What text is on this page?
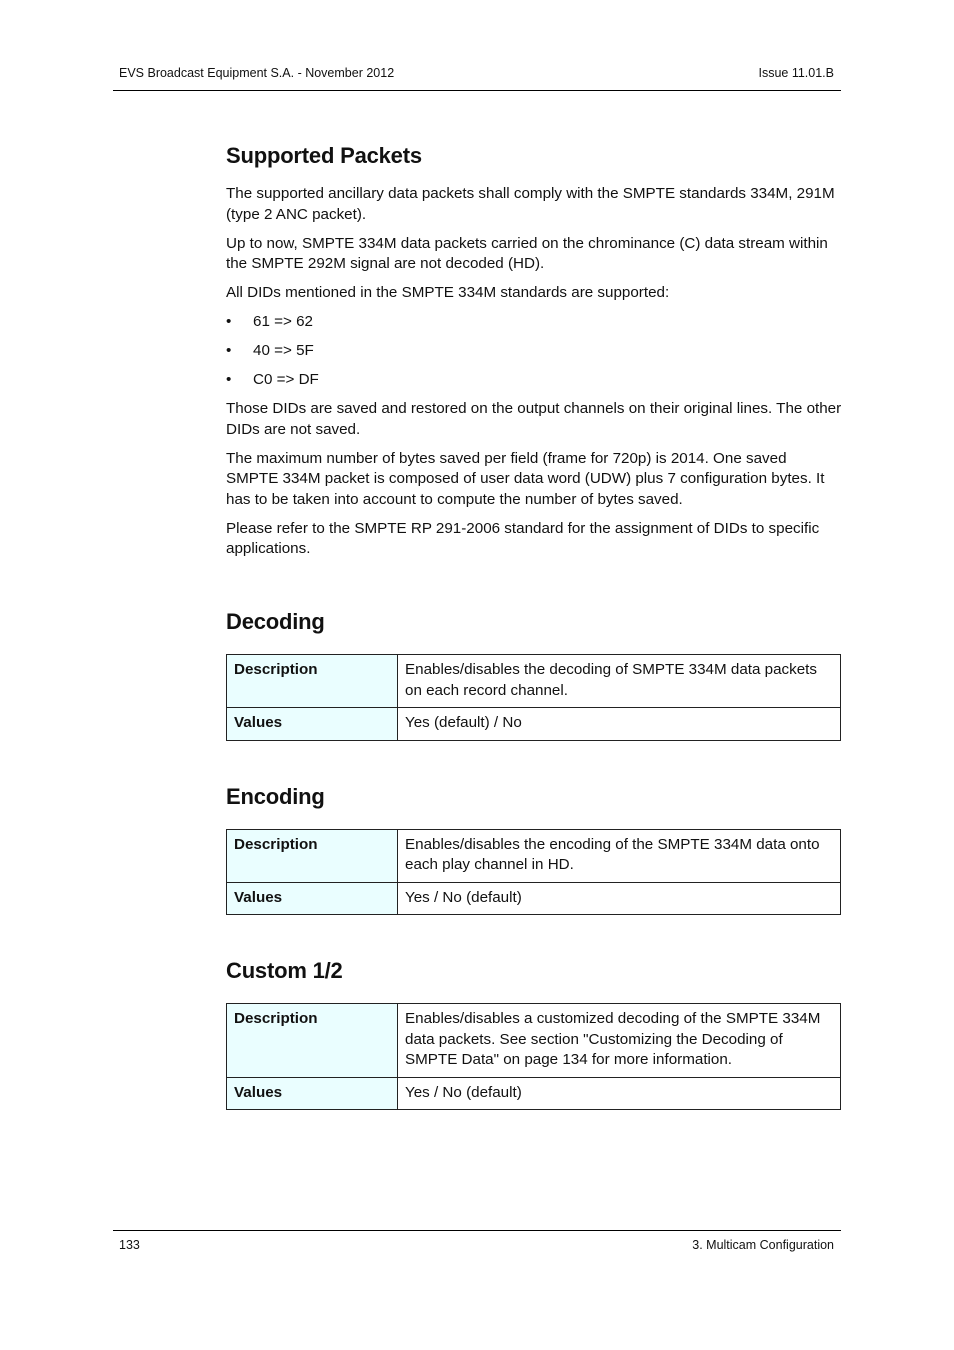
EVS Broadcast Equipment S.A. - November 2012	Issue 11.01.B
Supported Packets

The supported ancillary data packets shall comply with the SMPTE standards 334M, 291M (type 2 ANC packet).

Up to now, SMPTE 334M data packets carried on the chrominance (C) data stream within the SMPTE 292M signal are not decoded (HD).

All DIDs mentioned in the SMPTE 334M standards are supported:

• 61 => 62
• 40 => 5F
• C0 => DF

Those DIDs are saved and restored on the output channels on their original lines. The other DIDs are not saved.

The maximum number of bytes saved per field (frame for 720p) is 2014. One saved SMPTE 334M packet is composed of user data word (UDW) plus 7 configuration bytes. It has to be taken into account to compute the number of bytes saved.

Please refer to the SMPTE RP 291-2006 standard for the assignment of DIDs to specific applications.

Decoding
Description	Enables/disables the decoding of SMPTE 334M data packets on each record channel.
Values	Yes (default) / No
Encoding
Description	Enables/disables the encoding of the SMPTE 334M data onto each play channel in HD.
Values	Yes / No (default)
Custom 1/2
Description	Enables/disables a customized decoding of the SMPTE 334M data packets. See section "Customizing the Decoding of SMPTE Data" on page 134 for more information.
Values	Yes / No (default)
133	3. Multicam Configuration
